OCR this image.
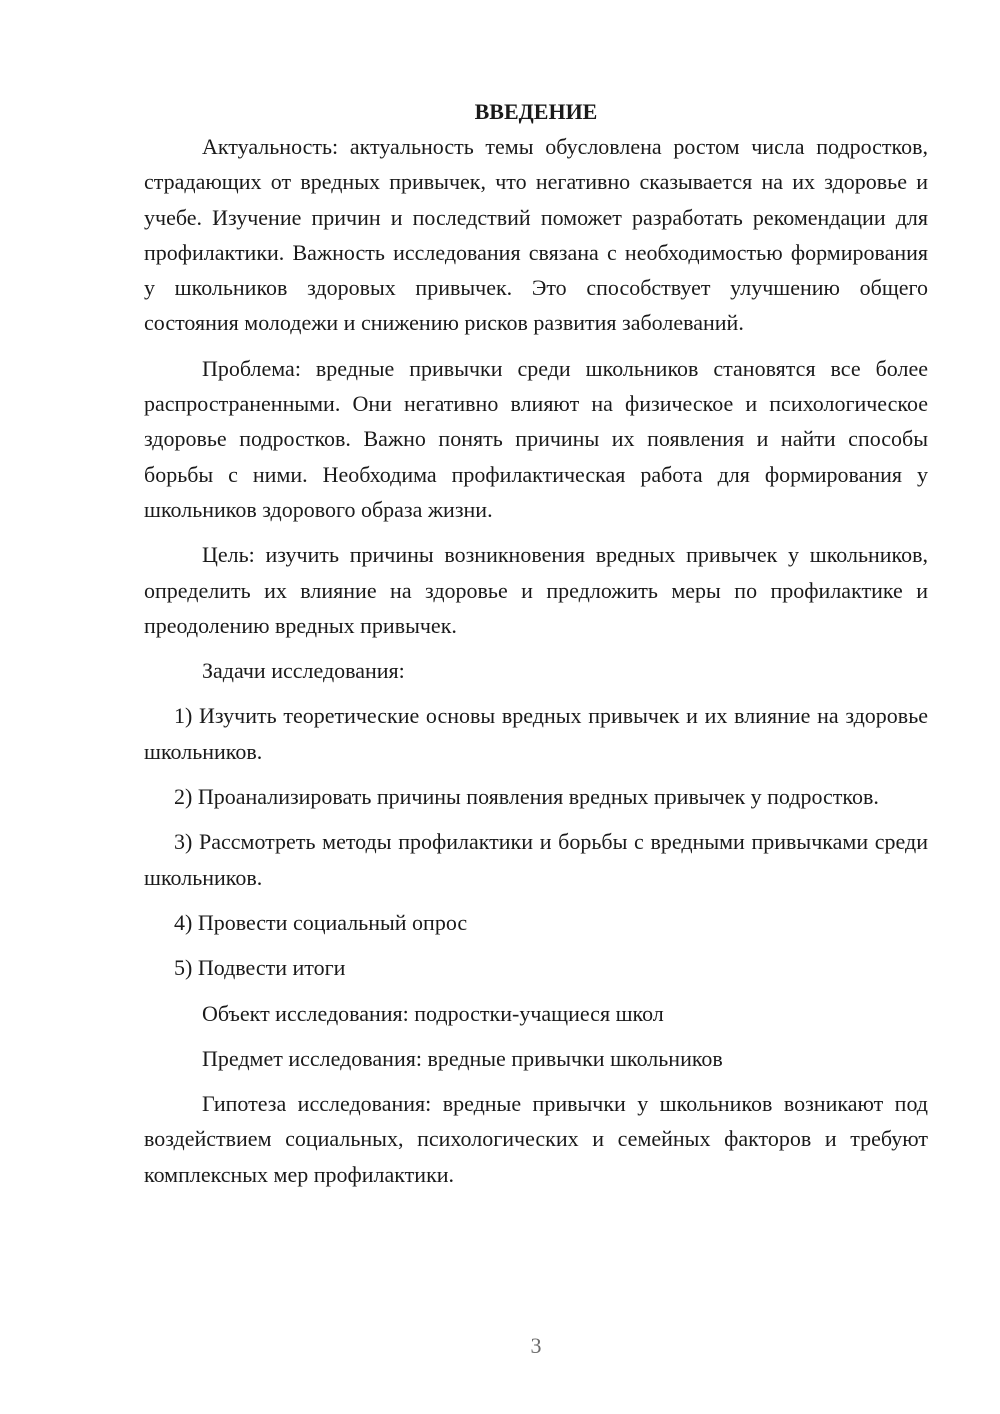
ВВЕДЕНИЕ

Актуальность: актуальность темы обусловлена ростом числа подростков, страдающих от вредных привычек, что негативно сказывается на их здоровье и учебе. Изучение причин и последствий поможет разработать рекомендации для профилактики. Важность исследования связана с необходимостью формирования у школьников здоровых привычек. Это способствует улучшению общего состояния молодежи и снижению рисков развития заболеваний.

Проблема: вредные привычки среди школьников становятся все более распространенными. Они негативно влияют на физическое и психологическое здоровье подростков. Важно понять причины их появления и найти способы борьбы с ними. Необходима профилактическая работа для формирования у школьников здорового образа жизни.

Цель: изучить причины возникновения вредных привычек у школьников, определить их влияние на здоровье и предложить меры по профилактике и преодолению вредных привычек.

Задачи исследования:

1) Изучить теоретические основы вредных привычек и их влияние на здоровье школьников.

2) Проанализировать причины появления вредных привычек у подростков.

3) Рассмотреть методы профилактики и борьбы с вредными привычками среди школьников.

4) Провести социальный опрос

5) Подвести итоги

Объект исследования: подростки-учащиеся школ

Предмет исследования: вредные привычки школьников

Гипотеза исследования: вредные привычки у школьников возникают под воздействием социальных, психологических и семейных факторов и требуют комплексных мер профилактики.

3
